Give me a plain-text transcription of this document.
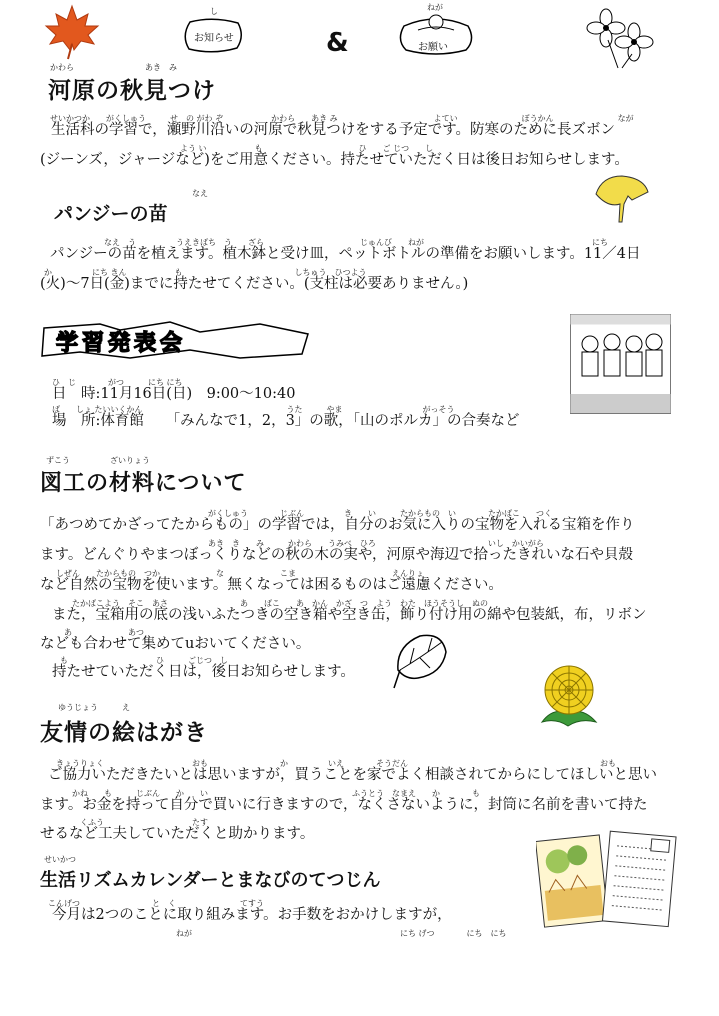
し
お知らせ	&
ねが
お願い
かわら	あき　み
河原の秋見つけ
せいかつか　　がくしゅう　　　せ　の がわ ぞ　　　　　　かわら　　あき み　　　　　　　　　　　　よてい　　　　　　　　ぼうかん　　　　　　　　なが
生活科の学習で，瀬野川沿いの河原で秋見つけをする予定です。防寒のために長ズボン
　　　　　　　　　　　　　　　　　よう い　　　　　　も　　　　　　　　　　　　ひ　　ご じつ　　し
(ジーンズ，ジャージなど)をご用意ください。持たせていただく日は後日お知らせします。
なえ
パンジーの苗
　　　　　　　なえ　う　　　　　うえきばち　う　　ざら　　　　　　　　　　　　じゅんび　　ねが　　　　　　　　　　　　　　　　　　　　　にち
パンジーの苗を植えます。植木鉢と受け皿，ペットボトルの準備をお願いします。11／4日
か　　　　　にち きん　　　　　　も　　　　　　　　　　　　　　しちゅう　ひつよう
(火)〜7日(金)までに持たせてください。(支柱は必要ありません。)
学習発表会
ひ　じ　　　　がつ　　　にち にち
日　時:11月16日(日)　9:00〜10:40
ば　　しょ たいいくかん　　　　　　　　　　　　　　　　　　うた　　　やま　　　　　　　　　　がっそう
場　所:体育館　　「みんなで1，2，3」の歌，「山のポルカ」の合奏など
ずこう　　　　　ざいりょう
図工の材料について
　　　　　　　　　　　　　　　　　　　　　がくしゅう　　　　じぶん　　　　　き　　い　　　たからもの　い　　　　たかばこ　　つく
「あつめてかざってたからもの」の学習では，自分のお気に入りの宝物を入れる宝箱を作り
　　　　　　　　　　　　　　　　　　　　　あき　き　　み　　　かわら　　うみべ　ひろ　　　　　　　　　　　　　　いし　かいがら
ます。どんぐりやまつぼっくりなどの秋の木の実や，河原や海辺で拾ったきれいな石や貝殻
　　しぜん　　たからもの　つか　　　　　　　な　　　　　　　こま　　　　　　　　　　　　えんりょ
など自然の宝物を使います。無くなっては困るものはご遠慮ください。
　　　　たかばこよう　そこ　あさ　　　　　　　　　あ　　ばこ　　あ　かん　かざ　つ　よう　わた　ほうそうし　ぬの
また，宝箱用の底の浅いふたつきの空き箱や空き缶，飾り付け用の綿や包装紙，布，リボン
　　　あ　　　　　　　あつ
なども合わせて集めてuおいてください。
　も　　　　　　　　　　　ひ　　　ごじつ　し
持たせていただく日は，後日お知らせします。
ゆうじょう　　　え
友情の絵はがき
　きょうりょく　　　　　　　　　　　おも　　　　　　　　　か　　　　　いえ　　　　そうだん　　　　　　　　　　　　　　　　　　　　　　　　おも
ご協力いただきたいとは思いますが，買うことを家でよく相談されてからにしてほしいと思い
　　　　かね　　も　　　じぶん　　か　　い　　　　　　　　　　　　　　　　　　ふうとう　なまえ　　か　　　　も
ます。お金を持って自分で買いに行きますので，なくさないように，封筒に名前を書いて持た
　　　　　くふう　　　　　　　　　　　たす
せるなど工夫していただくと助かります。
せいかつ
生活リズムカレンダーとまなびのてつじん
こんげつ　　　　　　　　　と　く　　　　　　　　てすう
今月は2つのことに取り組みます。お手数をおかけしますが，
ねが　　　　　　　　　　　　　　　　　　　　　　　　　　にち げつ　　　　にち　にち
